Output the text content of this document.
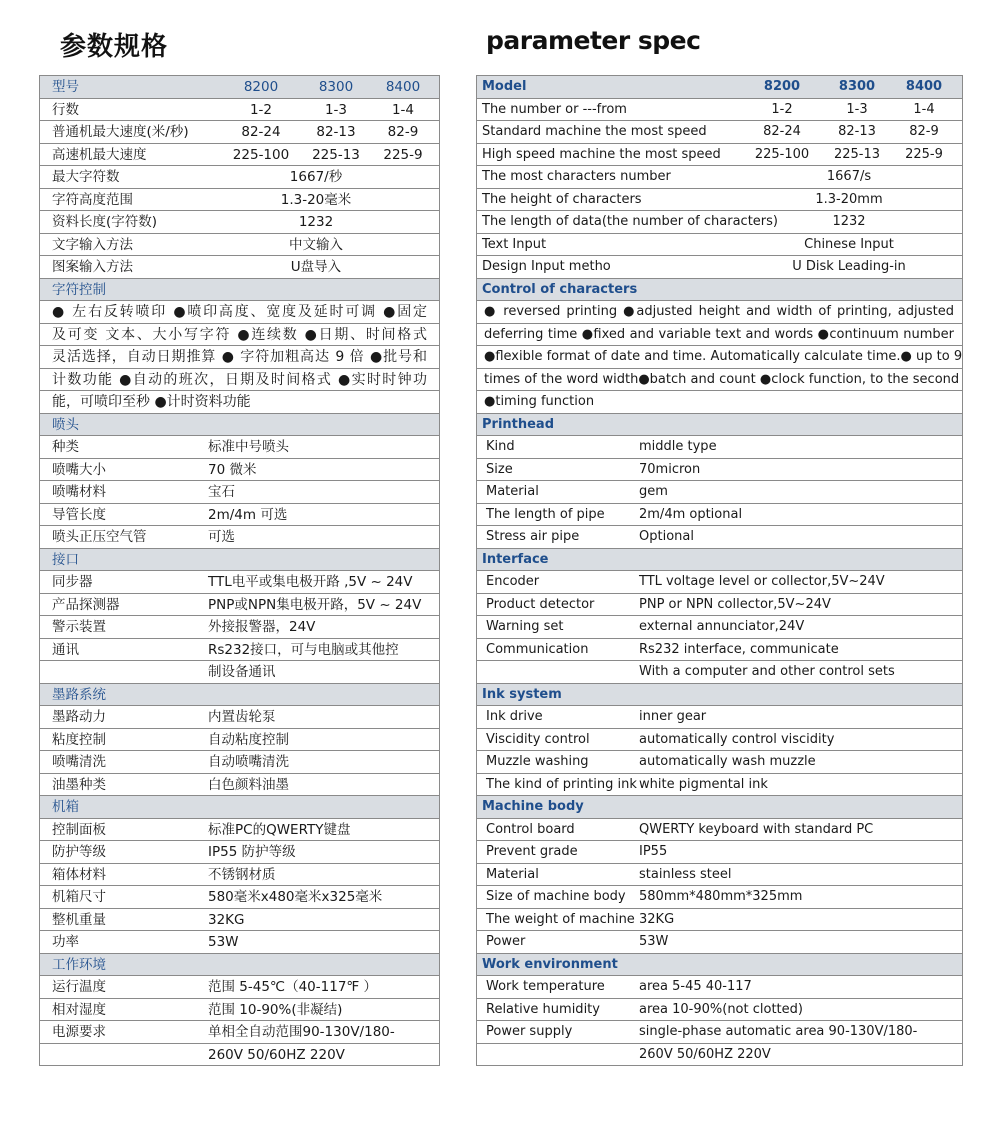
参数规格	parameter spec
型号	8200	8300	8400
行数	1-2	1-3	1-4
普通机最大速度(米/秒)	82-24	82-13	82-9
高速机最大速度	225-100	225-13	225-9
最大字符数	1667/秒
字符高度范围	1.3-20毫米
资料长度(字符数)	1232
文字输入方法	中文输入
图案输入方法	U盘导入
字符控制
● 左右反转喷印 ●喷印高度、宽度及延时可调 ●固定
及可变 文本、大小写字符 ●连续数 ●日期、时间格式
灵活选择，自动日期推算 ● 字符加粗高达 9 倍 ●批号和
计数功能 ●自动的班次，日期及时间格式 ●实时时钟功
能，可喷印至秒 ●计时资料功能
喷头
种类	标准中号喷头
喷嘴大小	70 微米
喷嘴材料	宝石
导管长度	2m/4m 可选
喷头正压空气管	可选
接口
同步器	TTL电平或集电极开路 ,5V ~ 24V
产品探测器	PNP或NPN集电极开路，5V ~ 24V
警示装置	外接报警器，24V
通讯	Rs232接口，可与电脑或其他控
制设备通讯
墨路系统
墨路动力	内置齿轮泵
粘度控制	自动粘度控制
喷嘴清洗	自动喷嘴清洗
油墨种类	白色颜料油墨
机箱
控制面板	标准PC的QWERTY键盘
防护等级	IP55 防护等级
箱体材料	不锈钢材质
机箱尺寸	580毫米x480毫米x325毫米
整机重量	32KG
功率	53W
工作环境
运行温度	范围 5-45℃（40-117℉ ）
相对湿度	范围 10-90%(非凝结)
电源要求	单相全自动范围90-130V/180-
260V 50/60HZ 220V
Model	8200	8300	8400
The number or ---from	1-2	1-3	1-4
Standard machine the most speed	82-24	82-13	82-9
High speed machine the most speed	225-100	225-13	225-9
The most characters number	1667/s
The height of characters	1.3-20mm
The length of data(the number of characters)	1232
Text Input	Chinese Input
Design Input metho	U Disk Leading-in
Control of characters
● reversed printing ●adjusted height and width of printing, adjusted
deferring time ●fixed and variable text and words ●continuum number
●flexible format of date and time. Automatically calculate time.● up to 9
times of the word width●batch and count ●clock function, to the second
●timing function
Printhead
Kind	middle type
Size	70micron
Material	gem
The length of pipe	2m/4m optional
Stress air pipe	Optional
Interface
Encoder	TTL voltage level or collector,5V~24V
Product detector	PNP or NPN collector,5V~24V
Warning set	external annunciator,24V
Communication	Rs232 interface, communicate
With a computer and other control sets
Ink system
Ink drive	inner gear
Viscidity control	automatically control viscidity
Muzzle washing	automatically wash muzzle
The kind of printing ink white pigmental ink
Machine body
Control board	QWERTY keyboard with standard PC
Prevent grade	IP55
Material	stainless steel
Size of machine body 580mm*480mm*325mm
The weight of machine 32KG
Power	53W
Work environment
Work temperature	area 5-45 40-117
Relative humidity	area 10-90%(not clotted)
Power supply	single-phase automatic area 90-130V/180-
260V 50/60HZ 220V
